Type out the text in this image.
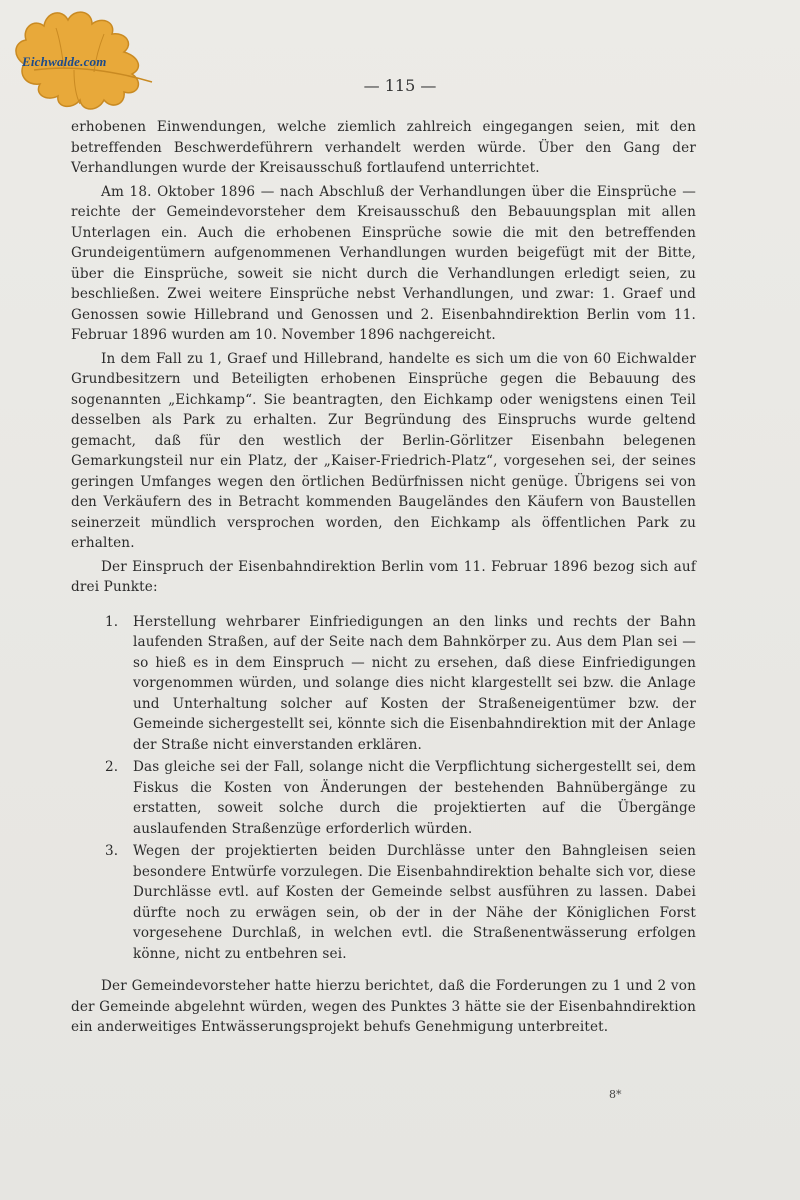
Eichwalde.com
— 115 —

erhobenen Einwendungen, welche ziemlich zahlreich eingegangen seien, mit den betreffenden Beschwerdeführern verhandelt werden würde. Über den Gang der Verhandlungen wurde der Kreisausschuß fortlaufend unterrichtet.

Am 18. Oktober 1896 — nach Abschluß der Verhandlungen über die Einsprüche — reichte der Gemeindevorsteher dem Kreisausschuß den Bebauungsplan mit allen Unterlagen ein. Auch die erhobenen Einsprüche sowie die mit den betreffenden Grundeigentümern aufgenommenen Verhandlungen wurden beigefügt mit der Bitte, über die Einsprüche, soweit sie nicht durch die Verhandlungen erledigt seien, zu beschließen. Zwei weitere Einsprüche nebst Verhandlungen, und zwar: 1. Graef und Genossen sowie Hillebrand und Genossen und 2. Eisenbahndirektion Berlin vom 11. Februar 1896 wurden am 10. November 1896 nachgereicht.

In dem Fall zu 1, Graef und Hillebrand, handelte es sich um die von 60 Eichwalder Grundbesitzern und Beteiligten erhobenen Einsprüche gegen die Bebauung des sogenannten „Eichkamp“. Sie beantragten, den Eichkamp oder wenigstens einen Teil desselben als Park zu erhalten. Zur Begründung des Einspruchs wurde geltend gemacht, daß für den westlich der Berlin-Görlitzer Eisenbahn belegenen Gemarkungsteil nur ein Platz, der „Kaiser-Friedrich-Platz“, vorgesehen sei, der seines geringen Umfanges wegen den örtlichen Bedürfnissen nicht genüge. Übrigens sei von den Verkäufern des in Betracht kommenden Baugeländes den Käufern von Baustellen seinerzeit mündlich versprochen worden, den Eichkamp als öffentlichen Park zu erhalten.

Der Einspruch der Eisenbahndirektion Berlin vom 11. Februar 1896 bezog sich auf drei Punkte:

1. Herstellung wehrbarer Einfriedigungen an den links und rechts der Bahn laufenden Straßen, auf der Seite nach dem Bahnkörper zu. Aus dem Plan sei — so hieß es in dem Einspruch — nicht zu ersehen, daß diese Einfriedigungen vorgenommen würden, und solange dies nicht klargestellt sei bzw. die Anlage und Unterhaltung solcher auf Kosten der Straßeneigentümer bzw. der Gemeinde sichergestellt sei, könnte sich die Eisenbahndirektion mit der Anlage der Straße nicht einverstanden erklären.
2. Das gleiche sei der Fall, solange nicht die Verpflichtung sichergestellt sei, dem Fiskus die Kosten von Änderungen der bestehenden Bahnübergänge zu erstatten, soweit solche durch die projektierten auf die Übergänge auslaufenden Straßenzüge erforderlich würden.
3. Wegen der projektierten beiden Durchlässe unter den Bahngleisen seien besondere Entwürfe vorzulegen. Die Eisenbahndirektion behalte sich vor, diese Durchlässe evtl. auf Kosten der Gemeinde selbst ausführen zu lassen. Dabei dürfte noch zu erwägen sein, ob der in der Nähe der Königlichen Forst vorgesehene Durchlaß, in welchen evtl. die Straßenentwässerung erfolgen könne, nicht zu entbehren sei.

Der Gemeindevorsteher hatte hierzu berichtet, daß die Forderungen zu 1 und 2 von der Gemeinde abgelehnt würden, wegen des Punktes 3 hätte sie der Eisenbahndirektion ein anderweitiges Entwässerungsprojekt behufs Genehmigung unterbreitet.

8*
